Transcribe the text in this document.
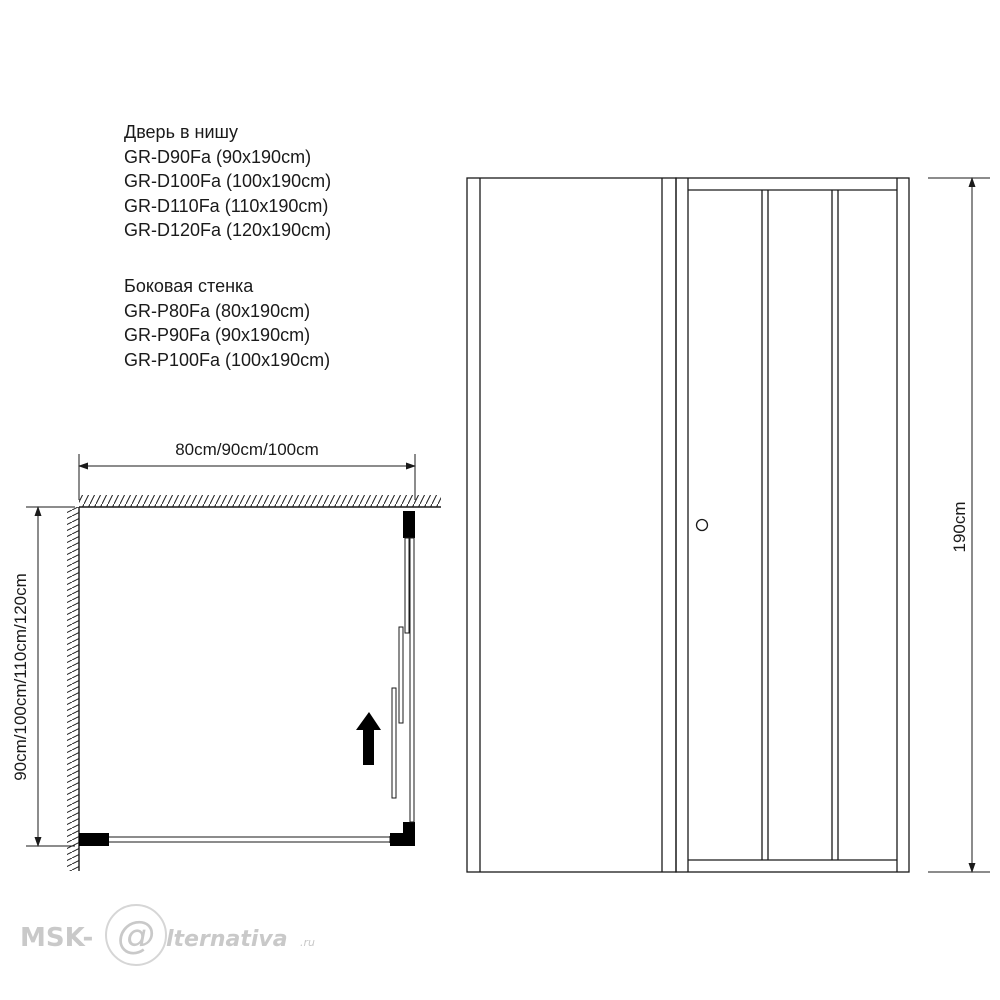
Дверь в нишу
GR-D90Fa (90x190cm)
GR-D100Fa (100x190cm)
GR-D110Fa (110x190cm)
GR-D120Fa (120x190cm)
Боковая стенка
GR-P80Fa (80x190cm)
GR-P90Fa (90x190cm)
GR-P100Fa (100x190cm)
80cm/90cm/100cm
90cm/100cm/110cm/120cm
190cm
MSK- @ lternativa .ru
